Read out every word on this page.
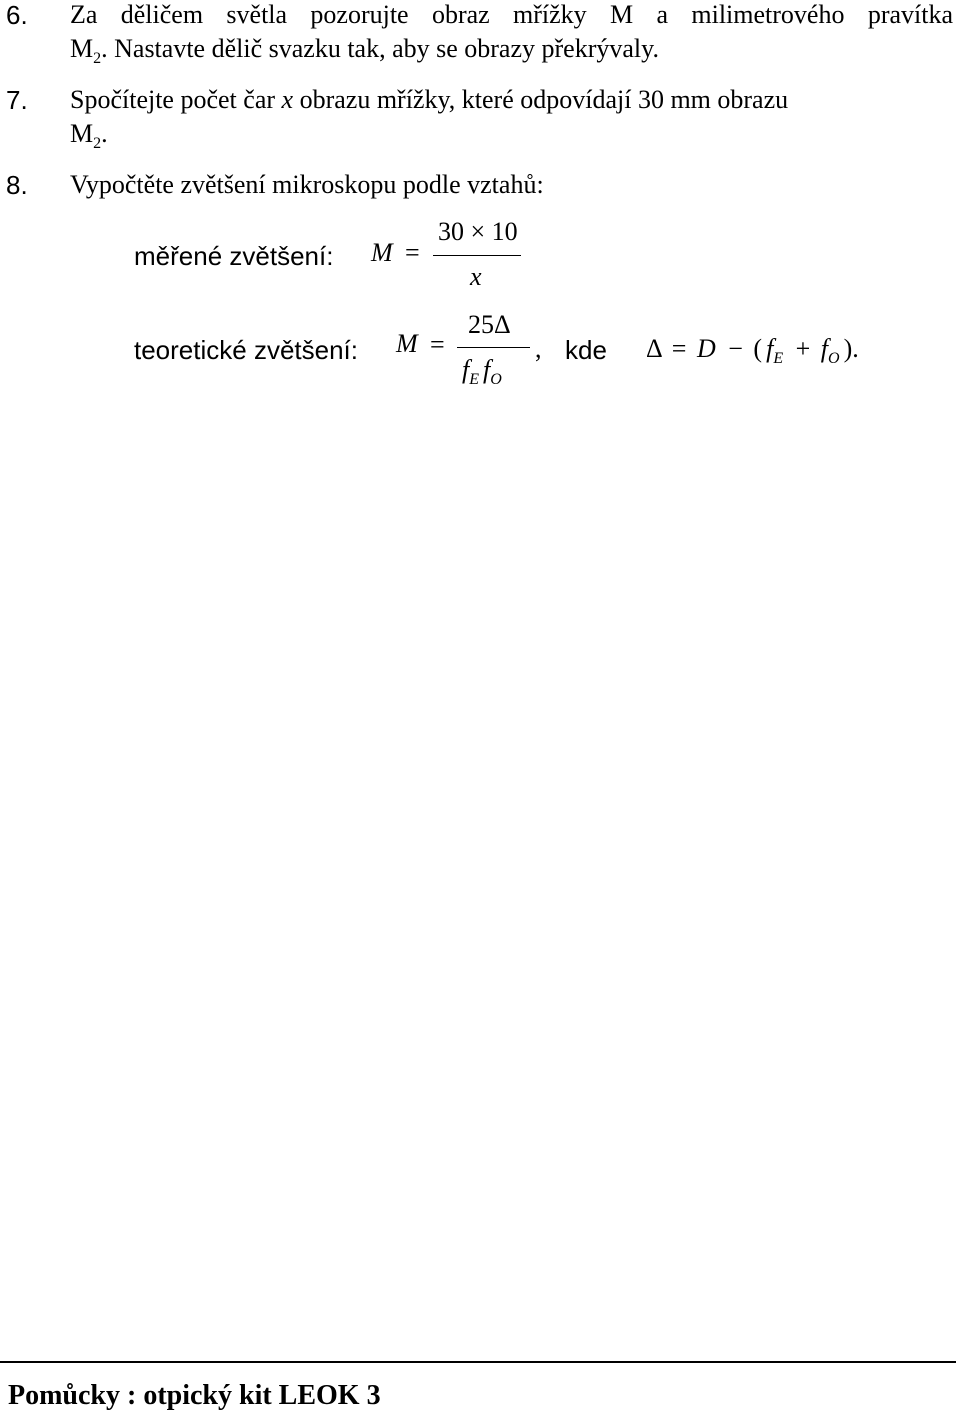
6. Za děličem světla pozorujte obraz mřížky M a milimetrového pravítka
$M_2$. Nastavte dělič svazku tak, aby se obrazy překrývaly.
7. Spočítejte počet čar x obrazu mřížky, které odpovídají 30 mm obrazu
$M_2$.
8. Vypočtěte zvětšení mikroskopu podle vztahů:
měřené zvětšení: M =
30 × 10
x
teoretické zvětšení: M =
25Δ
$f_E$ $f_O$
, kde Δ = D − ( $f_E + f_O$ ).
Pomůcky : otpický kit LEOK 3
